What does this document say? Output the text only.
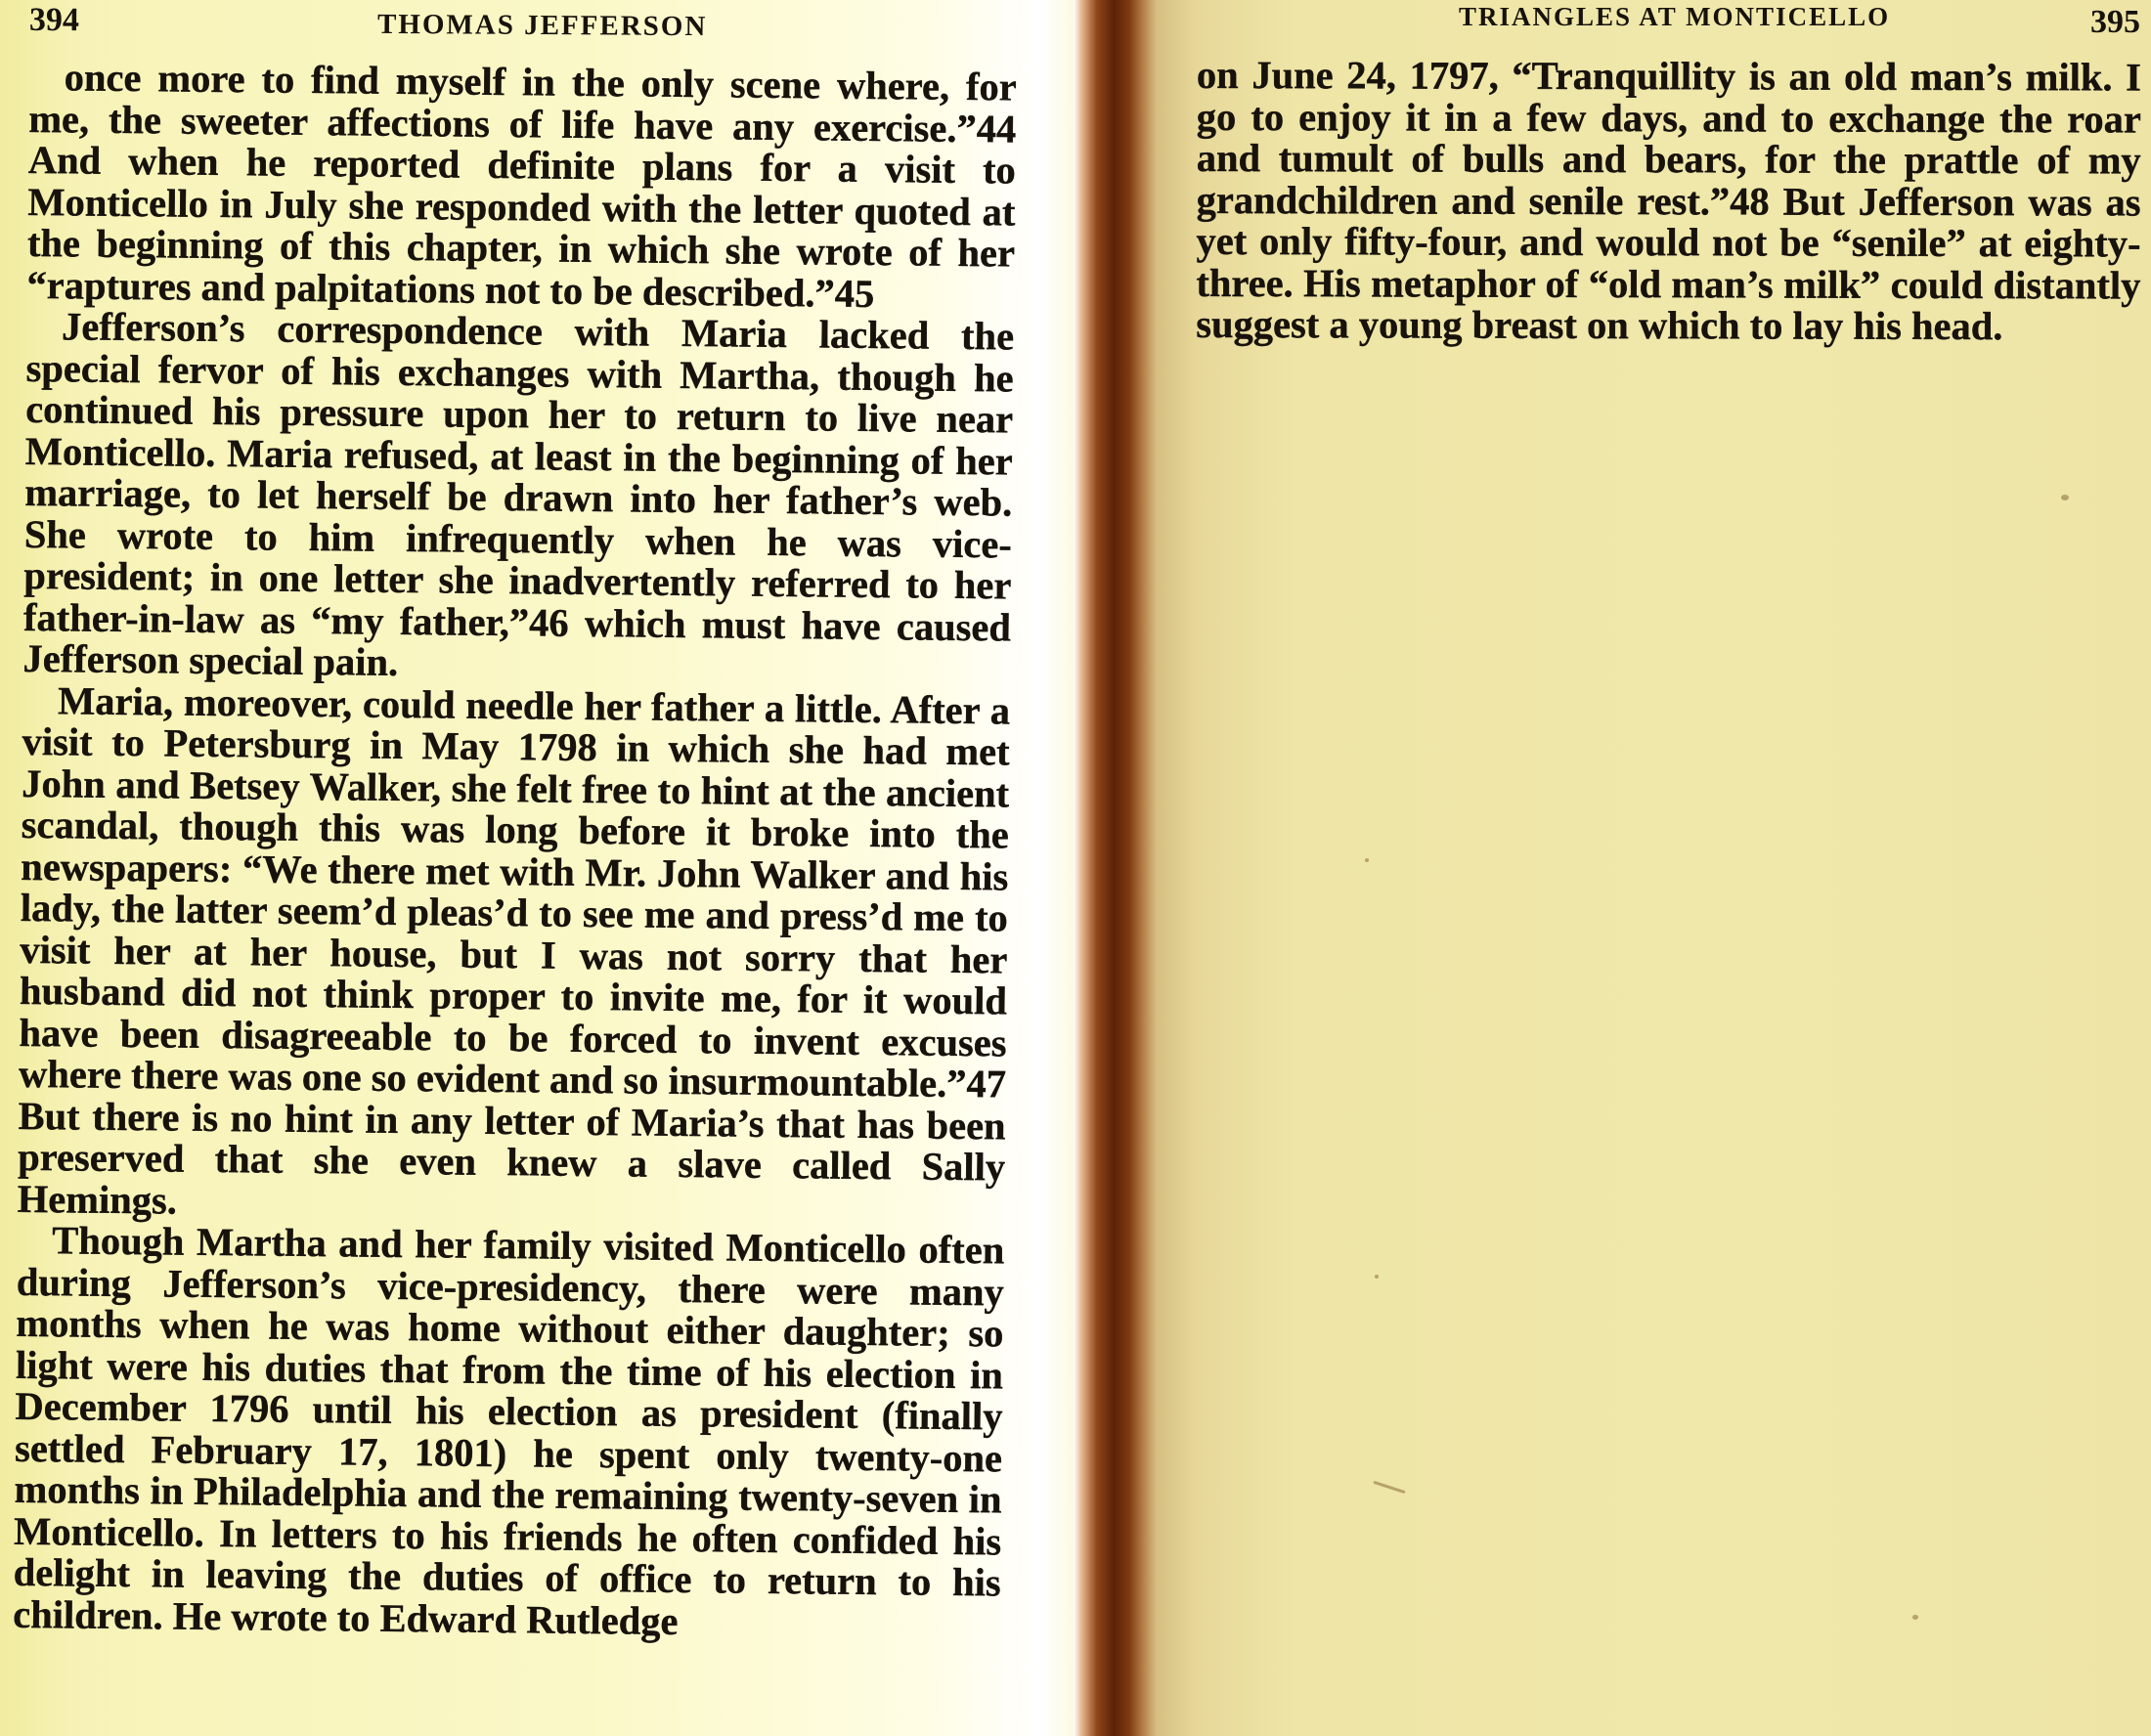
394	THOMAS JEFFERSON

once more to find myself in the only scene where, for me, the sweeter affections of life have any exercise.”44 And when he reported definite plans for a visit to Monticello in July she responded with the letter quoted at the beginning of this chapter, in which she wrote of her “raptures and palpitations not to be described.”45

Jefferson’s correspondence with Maria lacked the special fervor of his exchanges with Martha, though he continued his pressure upon her to return to live near Monticello. Maria refused, at least in the beginning of her marriage, to let herself be drawn into her father’s web. She wrote to him infrequently when he was vice-president; in one letter she inadvertently referred to her father-in-law as “my father,”46 which must have caused Jefferson special pain.

Maria, moreover, could needle her father a little. After a visit to Petersburg in May 1798 in which she had met John and Betsey Walker, she felt free to hint at the ancient scandal, though this was long before it broke into the newspapers: “We there met with Mr. John Walker and his lady, the latter seem’d pleas’d to see me and press’d me to visit her at her house, but I was not sorry that her husband did not think proper to invite me, for it would have been disagreeable to be forced to invent excuses where there was one so evident and so insurmountable.”47 But there is no hint in any letter of Maria’s that has been preserved that she even knew a slave called Sally Hemings.

Though Martha and her family visited Monticello often during Jefferson’s vice-presidency, there were many months when he was home without either daughter; so light were his duties that from the time of his election in December 1796 until his election as president (finally settled February 17, 1801) he spent only twenty-one months in Philadelphia and the remaining twenty-seven in Monticello. In letters to his friends he often confided his delight in leaving the duties of office to return to his children. He wrote to Edward Rutledge

TRIANGLES AT MONTICELLO	395

on June 24, 1797, “Tranquillity is an old man’s milk. I go to enjoy it in a few days, and to exchange the roar and tumult of bulls and bears, for the prattle of my grandchildren and senile rest.”48 But Jefferson was as yet only fifty-four, and would not be “senile” at eighty-three. His metaphor of “old man’s milk” could distantly suggest a young breast on which to lay his head.
